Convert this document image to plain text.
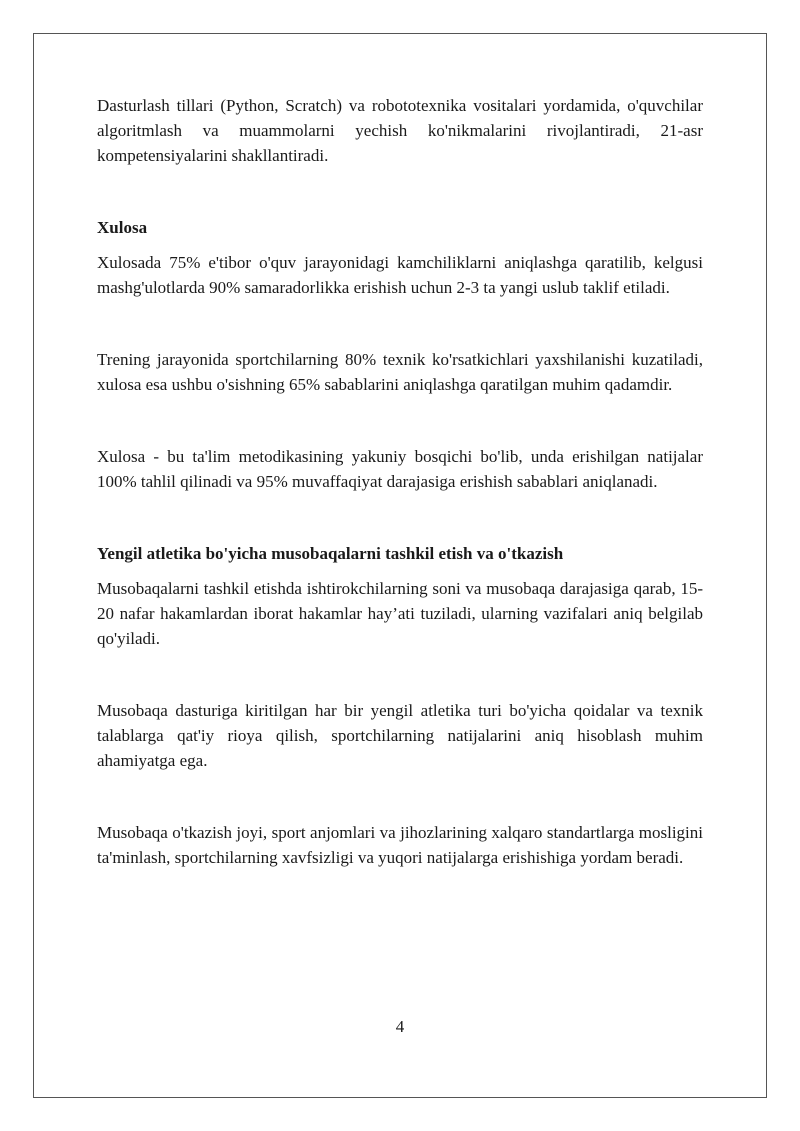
Dasturlash tillari (Python, Scratch) va robototexnika vositalari yordamida, o'quvchilar algoritmlash va muammolarni yechish ko'nikmalarini rivojlantiradi, 21-asr kompetensiyalarini shakllantiradi.

Xulosa

Xulosada 75% e'tibor o'quv jarayonidagi kamchiliklarni aniqlashga qaratilib, kelgusi mashg'ulotlarda 90% samaradorlikka erishish uchun 2-3 ta yangi uslub taklif etiladi.

Trening jarayonida sportchilarning 80% texnik ko'rsatkichlari yaxshilanishi kuzatiladi, xulosa esa ushbu o'sishning 65% sabablarini aniqlashga qaratilgan muhim qadamdir.

Xulosa - bu ta'lim metodikasining yakuniy bosqichi bo'lib, unda erishilgan natijalar 100% tahlil qilinadi va 95% muvaffaqiyat darajasiga erishish sabablari aniqlanadi.

Yengil atletika bo'yicha musobaqalarni tashkil etish va o'tkazish

Musobaqalarni tashkil etishda ishtirokchilarning soni va musobaqa darajasiga qarab, 15-20 nafar hakamlardan iborat hakamlar hay’ati tuziladi, ularning vazifalari aniq belgilab qo'yiladi.

Musobaqa dasturiga kiritilgan har bir yengil atletika turi bo'yicha qoidalar va texnik talablarga qat'iy rioya qilish, sportchilarning natijalarini aniq hisoblash muhim ahamiyatga ega.

Musobaqa o'tkazish joyi, sport anjomlari va jihozlarining xalqaro standartlarga mosligini ta'minlash, sportchilarning xavfsizligi va yuqori natijalarga erishishiga yordam beradi.

4
